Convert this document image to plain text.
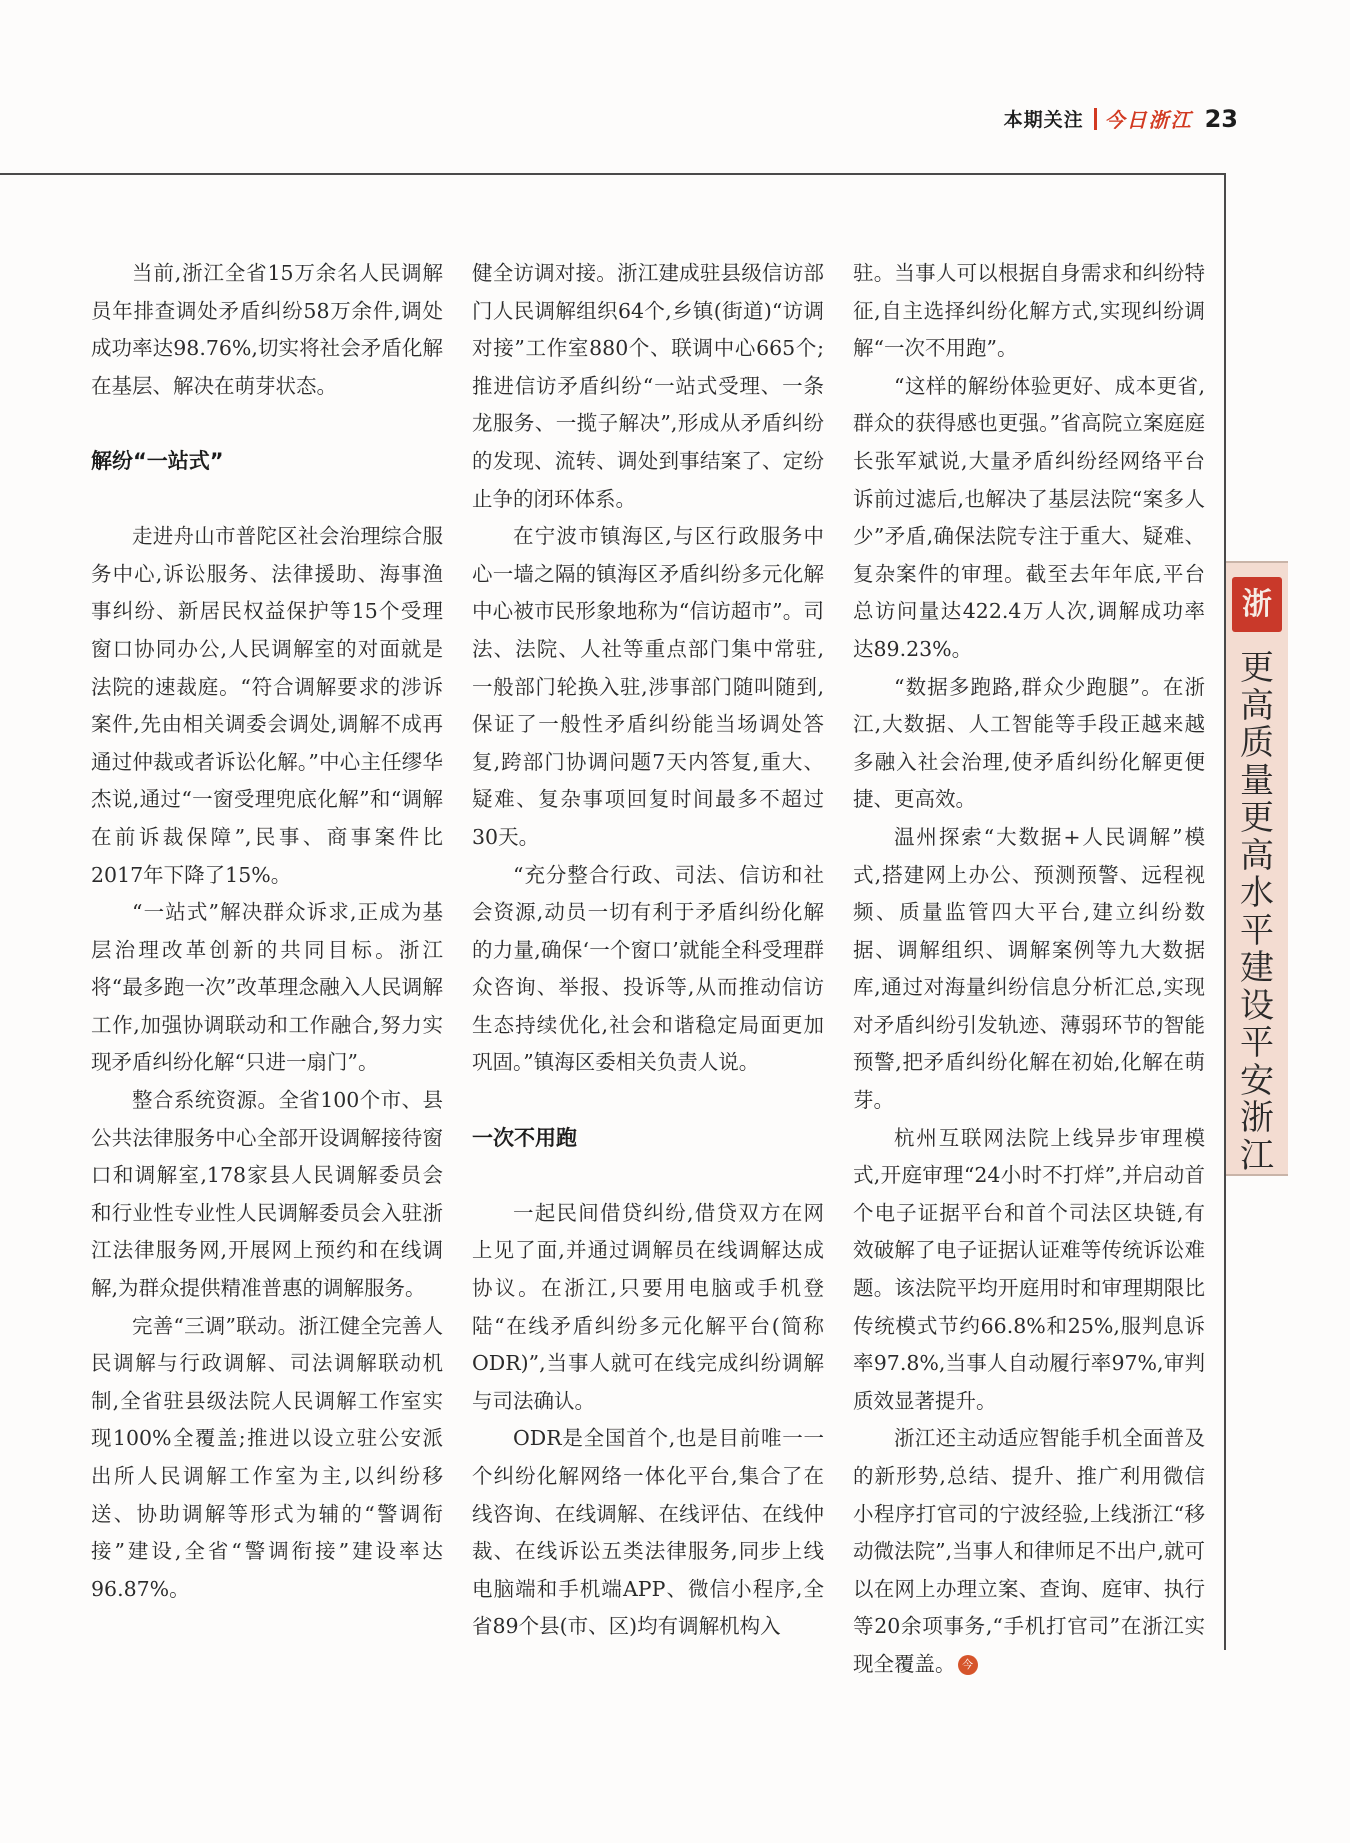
本期关注 今日浙江 23

当前,浙江全省15万余名人民调解员年排查调处矛盾纠纷58万余件,调处成功率达98.76%,切实将社会矛盾化解在基层、解决在萌芽状态。

解纷“一站式”

走进舟山市普陀区社会治理综合服务中心,诉讼服务、法律援助、海事渔事纠纷、新居民权益保护等15个受理窗口协同办公,人民调解室的对面就是法院的速裁庭。“符合调解要求的涉诉案件,先由相关调委会调处,调解不成再通过仲裁或者诉讼化解。”中心主任缪华杰说,通过“一窗受理兜底化解”和“调解在前诉裁保障”,民事、商事案件比2017年下降了15%。

“一站式”解决群众诉求,正成为基层治理改革创新的共同目标。浙江将“最多跑一次”改革理念融入人民调解工作,加强协调联动和工作融合,努力实现矛盾纠纷化解“只进一扇门”。

整合系统资源。全省100个市、县公共法律服务中心全部开设调解接待窗口和调解室,178家县人民调解委员会和行业性专业性人民调解委员会入驻浙江法律服务网,开展网上预约和在线调解,为群众提供精准普惠的调解服务。

完善“三调”联动。浙江健全完善人民调解与行政调解、司法调解联动机制,全省驻县级法院人民调解工作室实现100%全覆盖;推进以设立驻公安派出所人民调解工作室为主,以纠纷移送、协助调解等形式为辅的“警调衔接”建设,全省“警调衔接”建设率达96.87%。

健全访调对接。浙江建成驻县级信访部门人民调解组织64个,乡镇(街道)“访调对接”工作室880个、联调中心665个;推进信访矛盾纠纷“一站式受理、一条龙服务、一揽子解决”,形成从矛盾纠纷的发现、流转、调处到事结案了、定纷止争的闭环体系。

在宁波市镇海区,与区行政服务中心一墙之隔的镇海区矛盾纠纷多元化解中心被市民形象地称为“信访超市”。司法、法院、人社等重点部门集中常驻,一般部门轮换入驻,涉事部门随叫随到,保证了一般性矛盾纠纷能当场调处答复,跨部门协调问题7天内答复,重大、疑难、复杂事项回复时间最多不超过30天。

“充分整合行政、司法、信访和社会资源,动员一切有利于矛盾纠纷化解的力量,确保‘一个窗口’就能全科受理群众咨询、举报、投诉等,从而推动信访生态持续优化,社会和谐稳定局面更加巩固。”镇海区委相关负责人说。

一次不用跑

一起民间借贷纠纷,借贷双方在网上见了面,并通过调解员在线调解达成协议。在浙江,只要用电脑或手机登陆“在线矛盾纠纷多元化解平台(简称ODR)”,当事人就可在线完成纠纷调解与司法确认。

ODR是全国首个,也是目前唯一一个纠纷化解网络一体化平台,集合了在线咨询、在线调解、在线评估、在线仲裁、在线诉讼五类法律服务,同步上线电脑端和手机端APP、微信小程序,全省89个县(市、区)均有调解机构入

驻。当事人可以根据自身需求和纠纷特征,自主选择纠纷化解方式,实现纠纷调解“一次不用跑”。

“这样的解纷体验更好、成本更省,群众的获得感也更强。”省高院立案庭庭长张军斌说,大量矛盾纠纷经网络平台诉前过滤后,也解决了基层法院“案多人少”矛盾,确保法院专注于重大、疑难、复杂案件的审理。截至去年年底,平台总访问量达422.4万人次,调解成功率达89.23%。

“数据多跑路,群众少跑腿”。在浙江,大数据、人工智能等手段正越来越多融入社会治理,使矛盾纠纷化解更便捷、更高效。

温州探索“大数据+人民调解”模式,搭建网上办公、预测预警、远程视频、质量监管四大平台,建立纠纷数据、调解组织、调解案例等九大数据库,通过对海量纠纷信息分析汇总,实现对矛盾纠纷引发轨迹、薄弱环节的智能预警,把矛盾纠纷化解在初始,化解在萌芽。

杭州互联网法院上线异步审理模式,开庭审理“24小时不打烊”,并启动首个电子证据平台和首个司法区块链,有效破解了电子证据认证难等传统诉讼难题。该法院平均开庭用时和审理期限比传统模式节约66.8%和25%,服判息诉率97.8%,当事人自动履行率97%,审判质效显著提升。

浙江还主动适应智能手机全面普及的新形势,总结、提升、推广利用微信小程序打官司的宁波经验,上线浙江“移动微法院”,当事人和律师足不出户,就可以在网上办理立案、查询、庭审、执行等20余项事务,“手机打官司”在浙江实现全覆盖。 今

浙
更高质量更高水平建设平安浙江
